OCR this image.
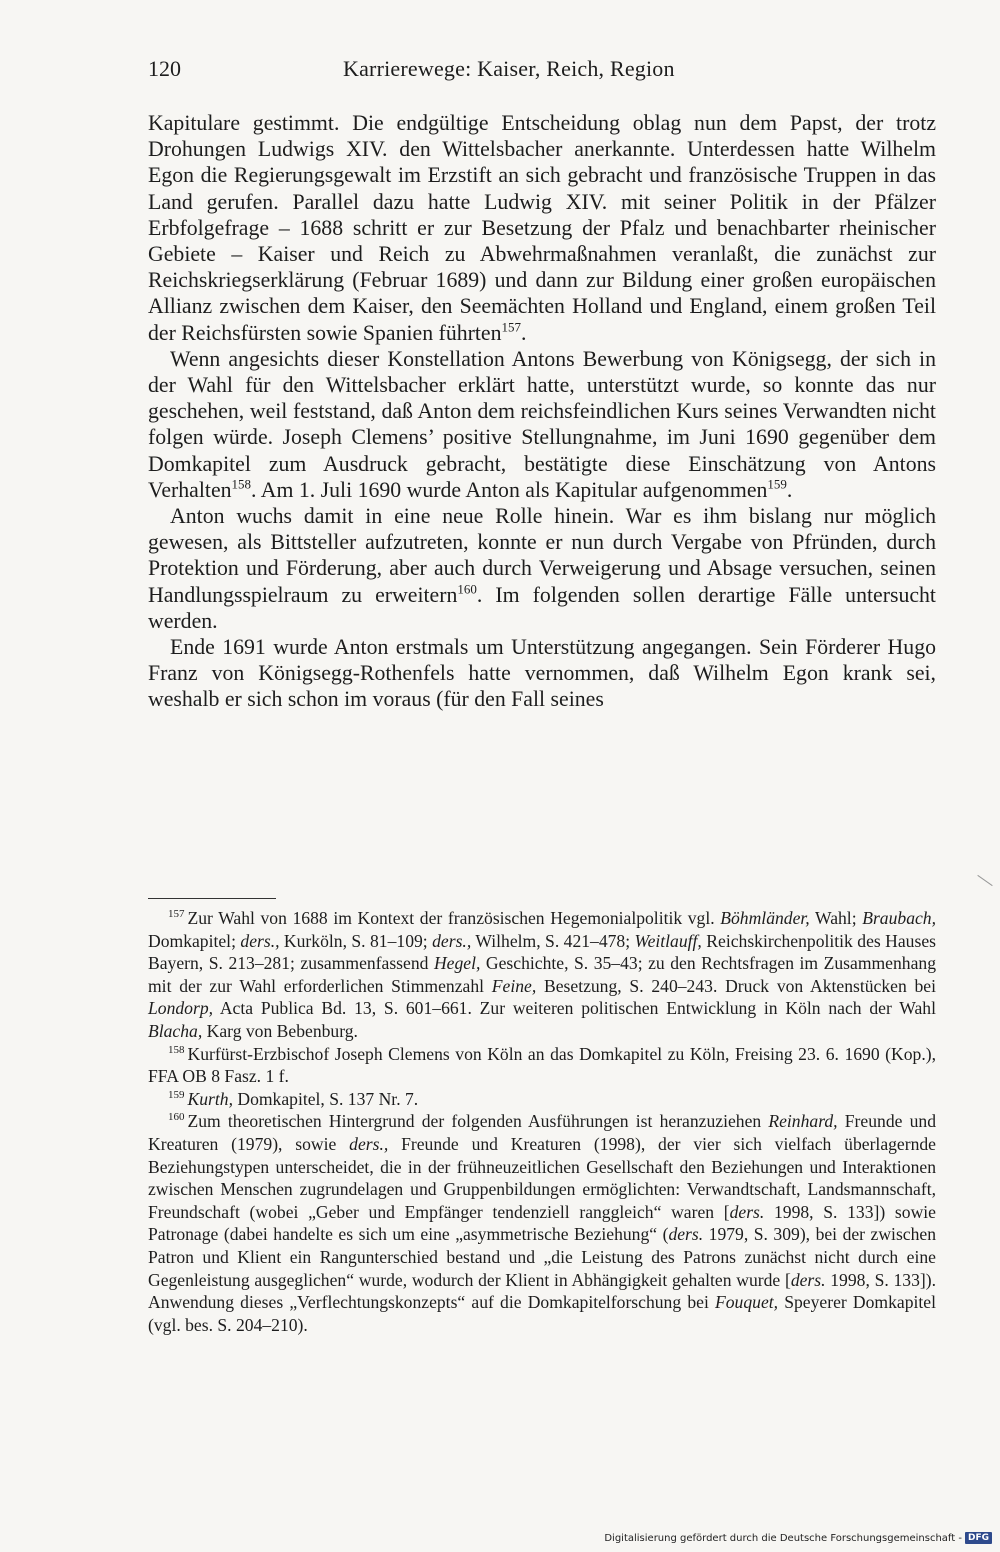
120	Karrierewege: Kaiser, Reich, Region

Kapitulare gestimmt. Die endgültige Entscheidung oblag nun dem Papst, der trotz Drohungen Ludwigs XIV. den Wittelsbacher anerkannte. Unterdessen hatte Wilhelm Egon die Regierungsgewalt im Erzstift an sich gebracht und französische Truppen in das Land gerufen. Parallel dazu hatte Ludwig XIV. mit seiner Politik in der Pfälzer Erbfolgefrage – 1688 schritt er zur Besetzung der Pfalz und benachbarter rheinischer Gebiete – Kaiser und Reich zu Abwehrmaßnahmen veranlaßt, die zunächst zur Reichskriegserklärung (Februar 1689) und dann zur Bildung einer großen europäischen Allianz zwischen dem Kaiser, den Seemächten Holland und England, einem großen Teil der Reichsfürsten sowie Spanien führten$^{157}$.

Wenn angesichts dieser Konstellation Antons Bewerbung von Königsegg, der sich in der Wahl für den Wittelsbacher erklärt hatte, unterstützt wurde, so konnte das nur geschehen, weil feststand, daß Anton dem reichsfeindlichen Kurs seines Verwandten nicht folgen würde. Joseph Clemens’ positive Stellungnahme, im Juni 1690 gegenüber dem Domkapitel zum Ausdruck gebracht, bestätigte diese Einschätzung von Antons Verhalten$^{158}$. Am 1. Juli 1690 wurde Anton als Kapitular aufgenommen$^{159}$.

Anton wuchs damit in eine neue Rolle hinein. War es ihm bislang nur möglich gewesen, als Bittsteller aufzutreten, konnte er nun durch Vergabe von Pfründen, durch Protektion und Förderung, aber auch durch Verweigerung und Absage versuchen, seinen Handlungsspielraum zu erweitern$^{160}$. Im folgenden sollen derartige Fälle untersucht werden.

Ende 1691 wurde Anton erstmals um Unterstützung angegangen. Sein Förderer Hugo Franz von Königsegg-Rothenfels hatte vernommen, daß Wilhelm Egon krank sei, weshalb er sich schon im voraus (für den Fall seines

$^{157}$ Zur Wahl von 1688 im Kontext der französischen Hegemonialpolitik vgl. Böhmländer, Wahl; Braubach, Domkapitel; ders., Kurköln, S. 81–109; ders., Wilhelm, S. 421–478; Weitlauff, Reichskirchenpolitik des Hauses Bayern, S. 213–281; zusammenfassend Hegel, Geschichte, S. 35–43; zu den Rechtsfragen im Zusammenhang mit der zur Wahl erforderlichen Stimmenzahl Feine, Besetzung, S. 240–243. Druck von Aktenstücken bei Londorp, Acta Publica Bd. 13, S. 601–661. Zur weiteren politischen Entwicklung in Köln nach der Wahl Blacha, Karg von Bebenburg.

$^{158}$ Kurfürst-Erzbischof Joseph Clemens von Köln an das Domkapitel zu Köln, Freising 23. 6. 1690 (Kop.), FFA OB 8 Fasz. 1 f.

$^{159}$ Kurth, Domkapitel, S. 137 Nr. 7.

$^{160}$ Zum theoretischen Hintergrund der folgenden Ausführungen ist heranzuziehen Reinhard, Freunde und Kreaturen (1979), sowie ders., Freunde und Kreaturen (1998), der vier sich vielfach überlagernde Beziehungstypen unterscheidet, die in der frühneuzeitlichen Gesellschaft den Beziehungen und Interaktionen zwischen Menschen zugrundelagen und Gruppenbildungen ermöglichten: Verwandtschaft, Landsmannschaft, Freundschaft (wobei „Geber und Empfänger tendenziell ranggleich“ waren [ders. 1998, S. 133]) sowie Patronage (dabei handelte es sich um eine „asymmetrische Beziehung“ (ders. 1979, S. 309), bei der zwischen Patron und Klient ein Rangunterschied bestand und „die Leistung des Patrons zunächst nicht durch eine Gegenleistung ausgeglichen“ wurde, wodurch der Klient in Abhängigkeit gehalten wurde [ders. 1998, S. 133]). Anwendung dieses „Verflechtungskonzepts“ auf die Domkapitelforschung bei Fouquet, Speyerer Domkapitel (vgl. bes. S. 204–210).

Digitalisierung gefördert durch die Deutsche Forschungsgemeinschaft - DFG
